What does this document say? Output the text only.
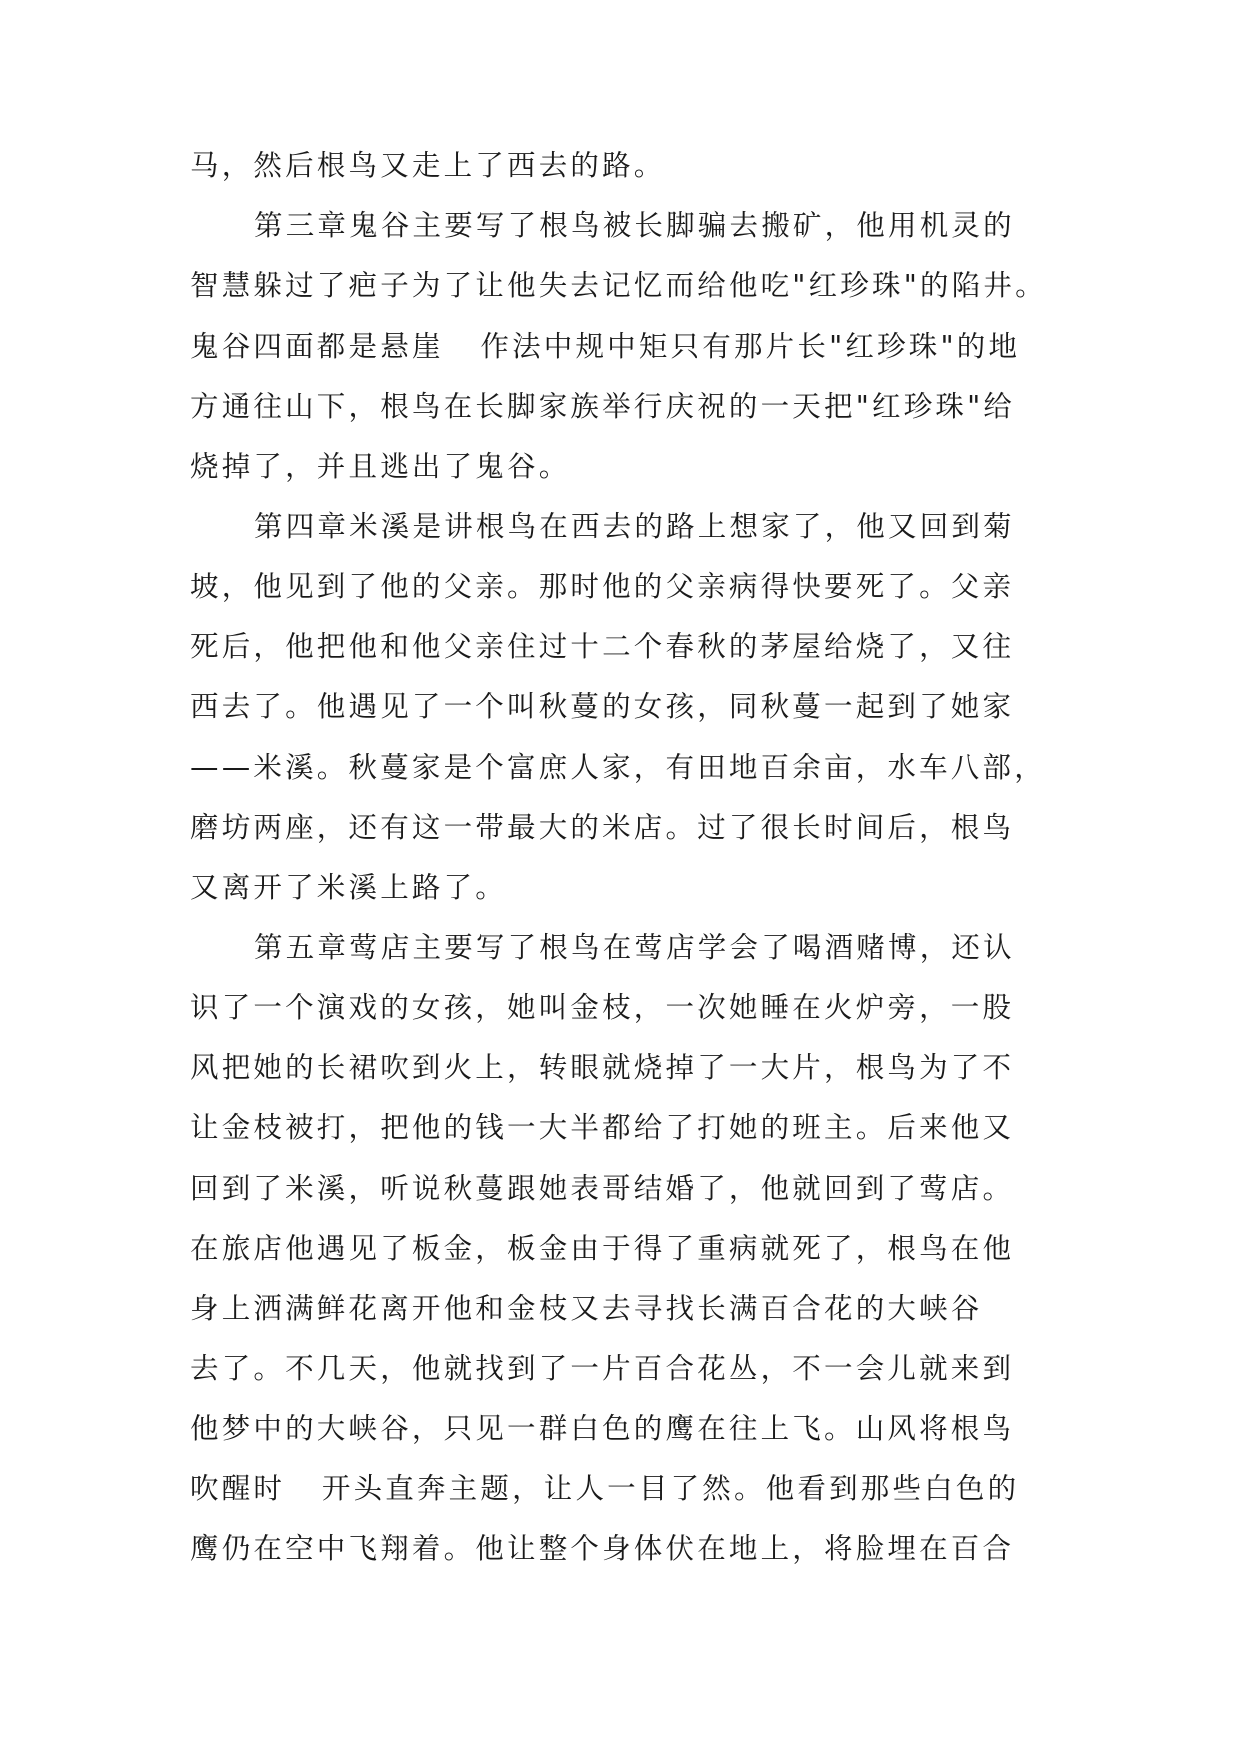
马，然后根鸟又走上了西去的路。
第三章鬼谷主要写了根鸟被长脚骗去搬矿，他用机灵的
智慧躲过了疤子为了让他失去记忆而给他吃"红珍珠"的陷井。
鬼谷四面都是悬崖   作法中规中矩只有那片长"红珍珠"的地
方通往山下，根鸟在长脚家族举行庆祝的一天把"红珍珠"给
烧掉了，并且逃出了鬼谷。
第四章米溪是讲根鸟在西去的路上想家了，他又回到菊
坡，他见到了他的父亲。那时他的父亲病得快要死了。父亲
死后，他把他和他父亲住过十二个春秋的茅屋给烧了，又往
西去了。他遇见了一个叫秋蔓的女孩，同秋蔓一起到了她家
——米溪。秋蔓家是个富庶人家，有田地百余亩，水车八部，
磨坊两座，还有这一带最大的米店。过了很长时间后，根鸟
又离开了米溪上路了。
第五章莺店主要写了根鸟在莺店学会了喝酒赌博，还认
识了一个演戏的女孩，她叫金枝，一次她睡在火炉旁，一股
风把她的长裙吹到火上，转眼就烧掉了一大片，根鸟为了不
让金枝被打，把他的钱一大半都给了打她的班主。后来他又
回到了米溪，听说秋蔓跟她表哥结婚了，他就回到了莺店。
在旅店他遇见了板金，板金由于得了重病就死了，根鸟在他
身上洒满鲜花离开他和金枝又去寻找长满百合花的大峡谷
去了。不几天，他就找到了一片百合花丛，不一会儿就来到
他梦中的大峡谷，只见一群白色的鹰在往上飞。山风将根鸟
吹醒时   开头直奔主题，让人一目了然。他看到那些白色的
鹰仍在空中飞翔着。他让整个身体伏在地上，将脸埋在百合
